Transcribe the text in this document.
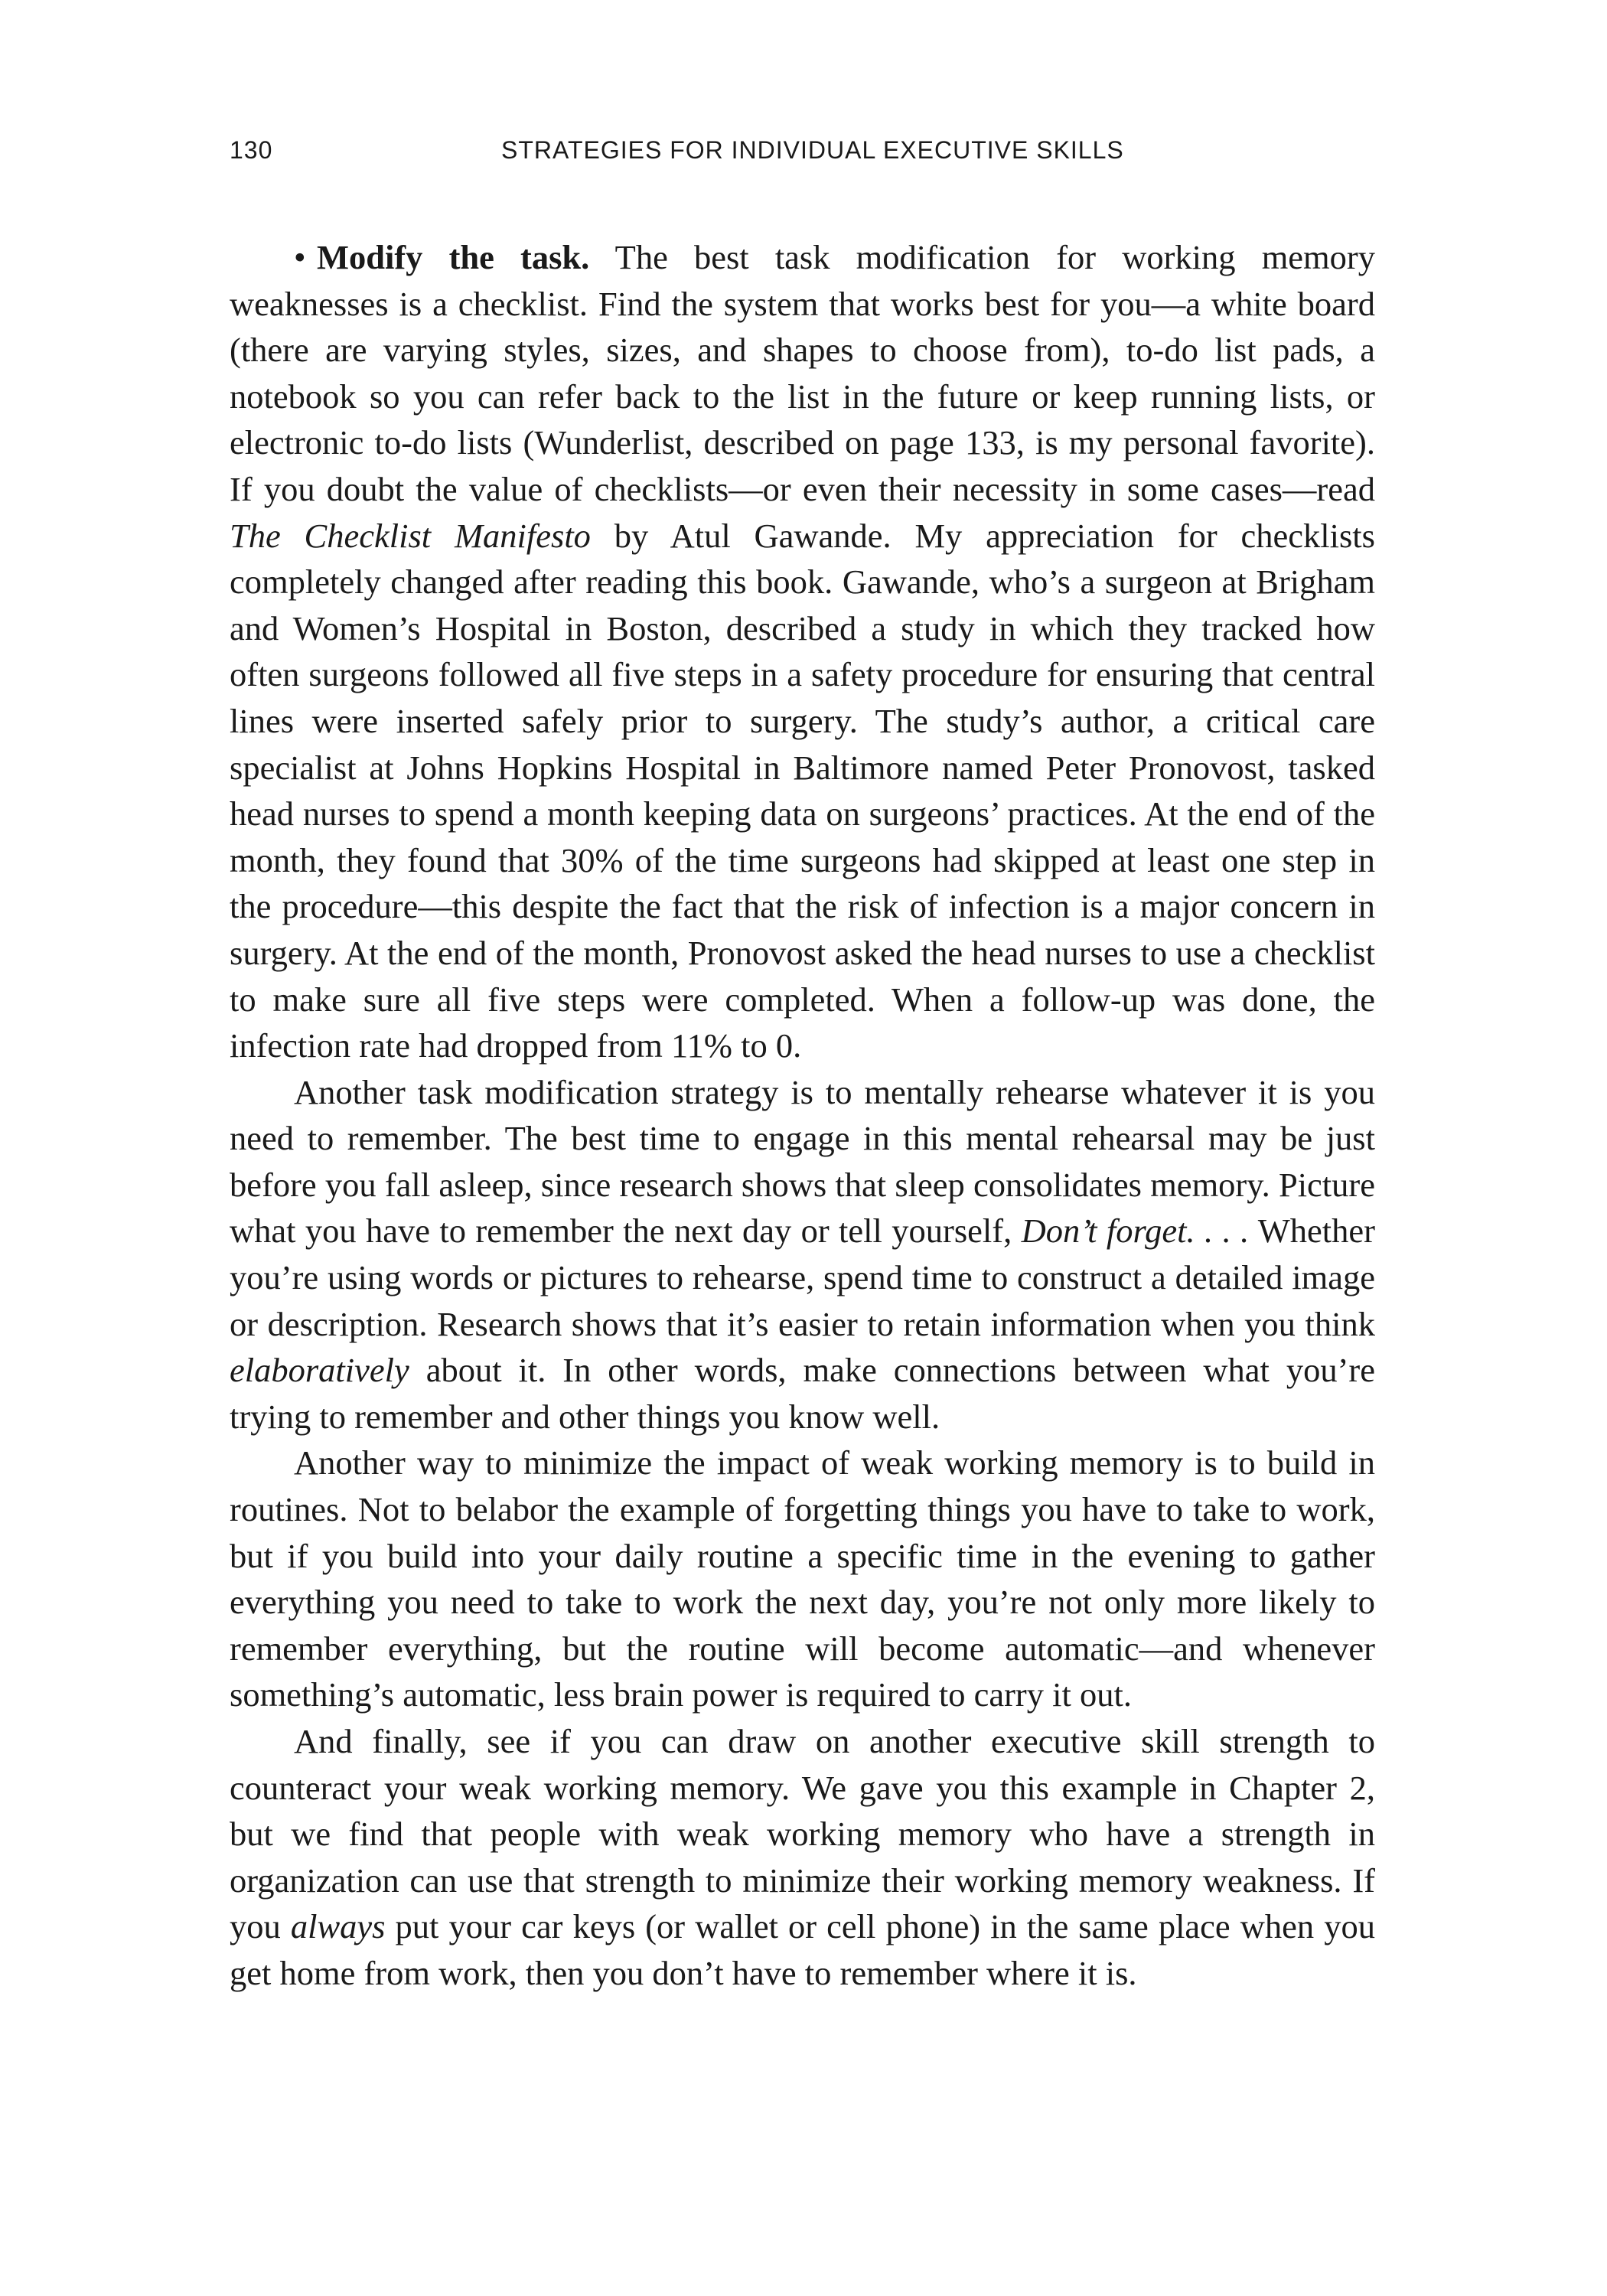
130	STRATEGIES FOR INDIVIDUAL EXECUTIVE SKILLS

• Modify the task. The best task modification for working memory weaknesses is a checklist. Find the system that works best for you—a white board (there are varying styles, sizes, and shapes to choose from), to-do list pads, a notebook so you can refer back to the list in the future or keep running lists, or electronic to-do lists (Wunderlist, described on page 133, is my personal favorite). If you doubt the value of checklists—or even their necessity in some cases—read The Checklist Manifesto by Atul Gawande. My appreciation for checklists completely changed after reading this book. Gawande, who’s a surgeon at Brigham and Women’s Hospital in Boston, described a study in which they tracked how often surgeons followed all five steps in a safety procedure for ensuring that central lines were inserted safely prior to surgery. The study’s author, a critical care specialist at Johns Hopkins Hospital in Baltimore named Peter Pronovost, tasked head nurses to spend a month keeping data on surgeons’ practices. At the end of the month, they found that 30% of the time surgeons had skipped at least one step in the procedure—this despite the fact that the risk of infection is a major concern in surgery. At the end of the month, Pronovost asked the head nurses to use a checklist to make sure all five steps were completed. When a follow-up was done, the infection rate had dropped from 11% to 0.

Another task modification strategy is to mentally rehearse whatever it is you need to remember. The best time to engage in this mental rehearsal may be just before you fall asleep, since research shows that sleep consolidates memory. Picture what you have to remember the next day or tell yourself, Don’t forget. . . . Whether you’re using words or pictures to rehearse, spend time to construct a detailed image or description. Research shows that it’s easier to retain information when you think elaboratively about it. In other words, make connections between what you’re trying to remember and other things you know well.

Another way to minimize the impact of weak working memory is to build in routines. Not to belabor the example of forgetting things you have to take to work, but if you build into your daily routine a specific time in the evening to gather everything you need to take to work the next day, you’re not only more likely to remember everything, but the routine will become automatic—and whenever something’s automatic, less brain power is required to carry it out.

And finally, see if you can draw on another executive skill strength to counteract your weak working memory. We gave you this example in Chapter 2, but we find that people with weak working memory who have a strength in organization can use that strength to minimize their working memory weakness. If you always put your car keys (or wallet or cell phone) in the same place when you get home from work, then you don’t have to remember where it is.
